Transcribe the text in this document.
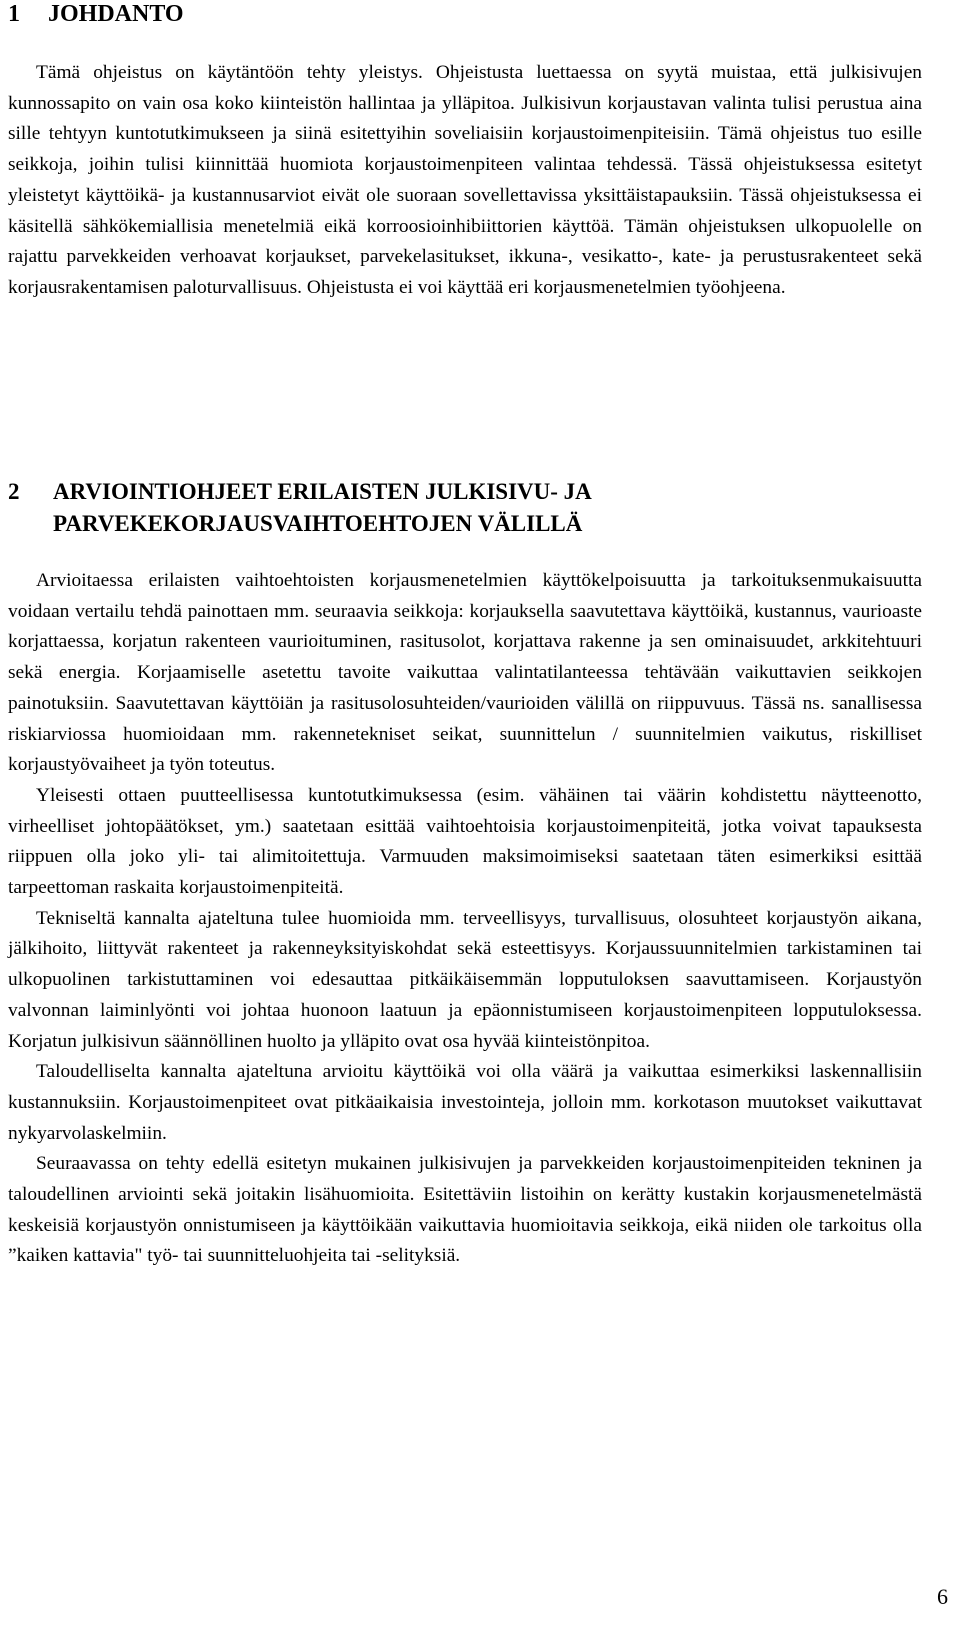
1 JOHDANTO

Tämä ohjeistus on käytäntöön tehty yleistys. Ohjeistusta luettaessa on syytä muistaa, että julkisivujen kunnossapito on vain osa koko kiinteistön hallintaa ja ylläpitoa. Julkisivun korjaustavan valinta tulisi perustua aina sille tehtyyn kuntotutkimukseen ja siinä esitettyihin soveliaisiin korjaustoimenpiteisiin. Tämä ohjeistus tuo esille seikkoja, joihin tulisi kiinnittää huomiota korjaustoimenpiteen valintaa tehdessä. Tässä ohjeistuksessa esitetyt yleistetyt käyttöikä- ja kustannusarviot eivät ole suoraan sovellettavissa yksittäistapauksiin. Tässä ohjeistuksessa ei käsitellä sähkökemiallisia menetelmiä eikä korroosioinhibiittorien käyttöä. Tämän ohjeistuksen ulkopuolelle on rajattu parvekkeiden verhoavat korjaukset, parvekelasitukset, ikkuna-, vesikatto-, kate- ja perustusrakenteet sekä korjausrakentamisen paloturvallisuus. Ohjeistusta ei voi käyttää eri korjausmenetelmien työohjeena.

2 ARVIOINTIOHJEET ERILAISTEN JULKISIVU- JA
PARVEKEKORJAUSVAIHTOEHTOJEN VÄLILLÄ

Arvioitaessa erilaisten vaihtoehtoisten korjausmenetelmien käyttökelpoisuutta ja tarkoituksenmukaisuutta voidaan vertailu tehdä painottaen mm. seuraavia seikkoja: korjauksella saavutettava käyttöikä, kustannus, vaurioaste korjattaessa, korjatun rakenteen vaurioituminen, rasitusolot, korjattava rakenne ja sen ominaisuudet, arkkitehtuuri sekä energia. Korjaamiselle asetettu tavoite vaikuttaa valintatilanteessa tehtävään vaikuttavien seikkojen painotuksiin. Saavutettavan käyttöiän ja rasitusolosuhteiden/vaurioiden välillä on riippuvuus. Tässä ns. sanallisessa riskiarviossa huomioidaan mm. rakennetekniset seikat, suunnittelun / suunnitelmien vaikutus, riskilliset korjaustyövaiheet ja työn toteutus.

Yleisesti ottaen puutteellisessa kuntotutkimuksessa (esim. vähäinen tai väärin kohdistettu näytteenotto, virheelliset johtopäätökset, ym.) saatetaan esittää vaihtoehtoisia korjaustoimenpiteitä, jotka voivat tapauksesta riippuen olla joko yli- tai alimitoitettuja. Varmuuden maksimoimiseksi saatetaan täten esimerkiksi esittää tarpeettoman raskaita korjaustoimenpiteitä.

Tekniseltä kannalta ajateltuna tulee huomioida mm. terveellisyys, turvallisuus, olosuhteet korjaustyön aikana, jälkihoito, liittyvät rakenteet ja rakenneyksityiskohdat sekä esteettisyys. Korjaussuunnitelmien tarkistaminen tai ulkopuolinen tarkistuttaminen voi edesauttaa pitkäikäisemmän lopputuloksen saavuttamiseen. Korjaustyön valvonnan laiminlyönti voi johtaa huonoon laatuun ja epäonnistumiseen korjaustoimenpiteen lopputuloksessa. Korjatun julkisivun säännöllinen huolto ja ylläpito ovat osa hyvää kiinteistönpitoa.

Taloudelliselta kannalta ajateltuna arvioitu käyttöikä voi olla väärä ja vaikuttaa esimerkiksi laskennallisiin kustannuksiin. Korjaustoimenpiteet ovat pitkäaikaisia investointeja, jolloin mm. korkotason muutokset vaikuttavat nykyarvolaskelmiin.

Seuraavassa on tehty edellä esitetyn mukainen julkisivujen ja parvekkeiden korjaustoimenpiteiden tekninen ja taloudellinen arviointi sekä joitakin lisähuomioita. Esitettäviin listoihin on kerätty kustakin korjausmenetelmästä keskeisiä korjaustyön onnistumiseen ja käyttöikään vaikuttavia huomioitavia seikkoja, eikä niiden ole tarkoitus olla ”kaiken kattavia" työ- tai suunnitteluohjeita tai -selityksiä.

6
